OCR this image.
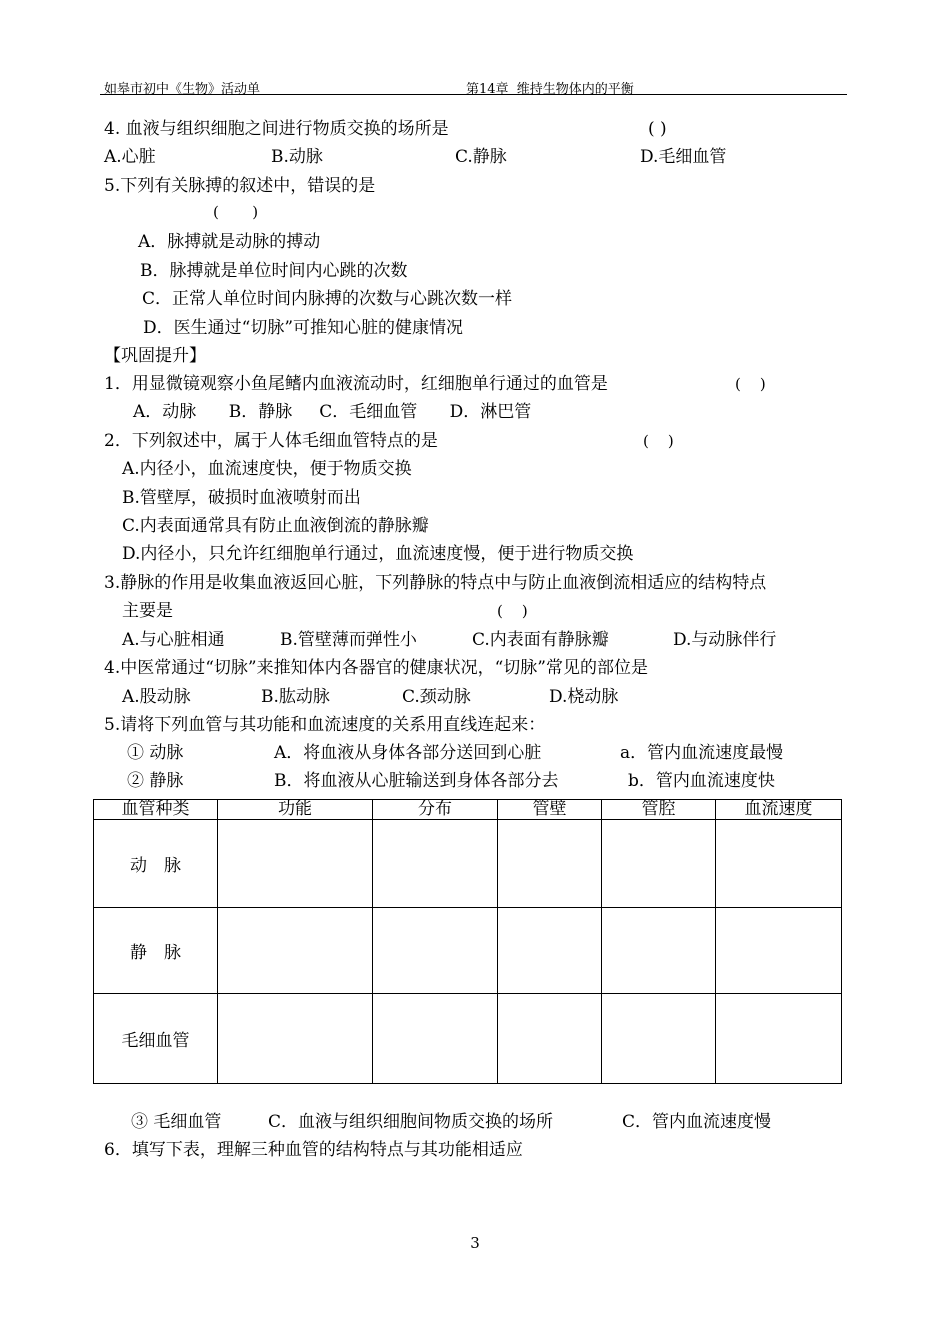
如皋市初中《生物》活动单	第14章  维持生物体内的平衡
4. 血液与组织细胞之间进行物质交换的场所是	( )
A.心脏	B.动脉	C.静脉	D.毛细血管
5.下列有关脉搏的叙述中，错误的是
(       )
A．脉搏就是动脉的搏动
B．脉搏就是单位时间内心跳的次数
C．正常人单位时间内脉搏的次数与心跳次数一样
D．医生通过“切脉”可推知心脏的健康情况
【巩固提升】
1．用显微镜观察小鱼尾鳍内血液流动时，红细胞单行通过的血管是	(    )
A．动脉      B．静脉     C．毛细血管      D．淋巴管
2．下列叙述中，属于人体毛细血管特点的是	(    )
A.内径小，血流速度快，便于物质交换
B.管壁厚，破损时血液喷射而出
C.内表面通常具有防止血液倒流的静脉瓣
D.内径小，只允许红细胞单行通过，血流速度慢，便于进行物质交换
3.静脉的作用是收集血液返回心脏，下列静脉的特点中与防止血液倒流相适应的结构特点
主要是	(    )
A.与心脏相通	B.管壁薄而弹性小	C.内表面有静脉瓣	D.与动脉伴行
4.中医常通过“切脉”来推知体内各器官的健康状况，“切脉”常见的部位是
A.股动脉	B.肱动脉	C.颈动脉	D.桡动脉
5.请将下列血管与其功能和血流速度的关系用直线连起来：
① 动脉	A．将血液从身体各部分送回到心脏	a．管内血流速度最慢
② 静脉	B．将血液从心脏输送到身体各部分去	b．管内血流速度快
血管种类	功能	分布	管壁	管腔	血流速度
动　脉					
静　脉					
毛细血管					
③ 毛细血管	C．血液与组织细胞间物质交换的场所	C．管内血流速度慢
6．填写下表，理解三种血管的结构特点与其功能相适应
3
